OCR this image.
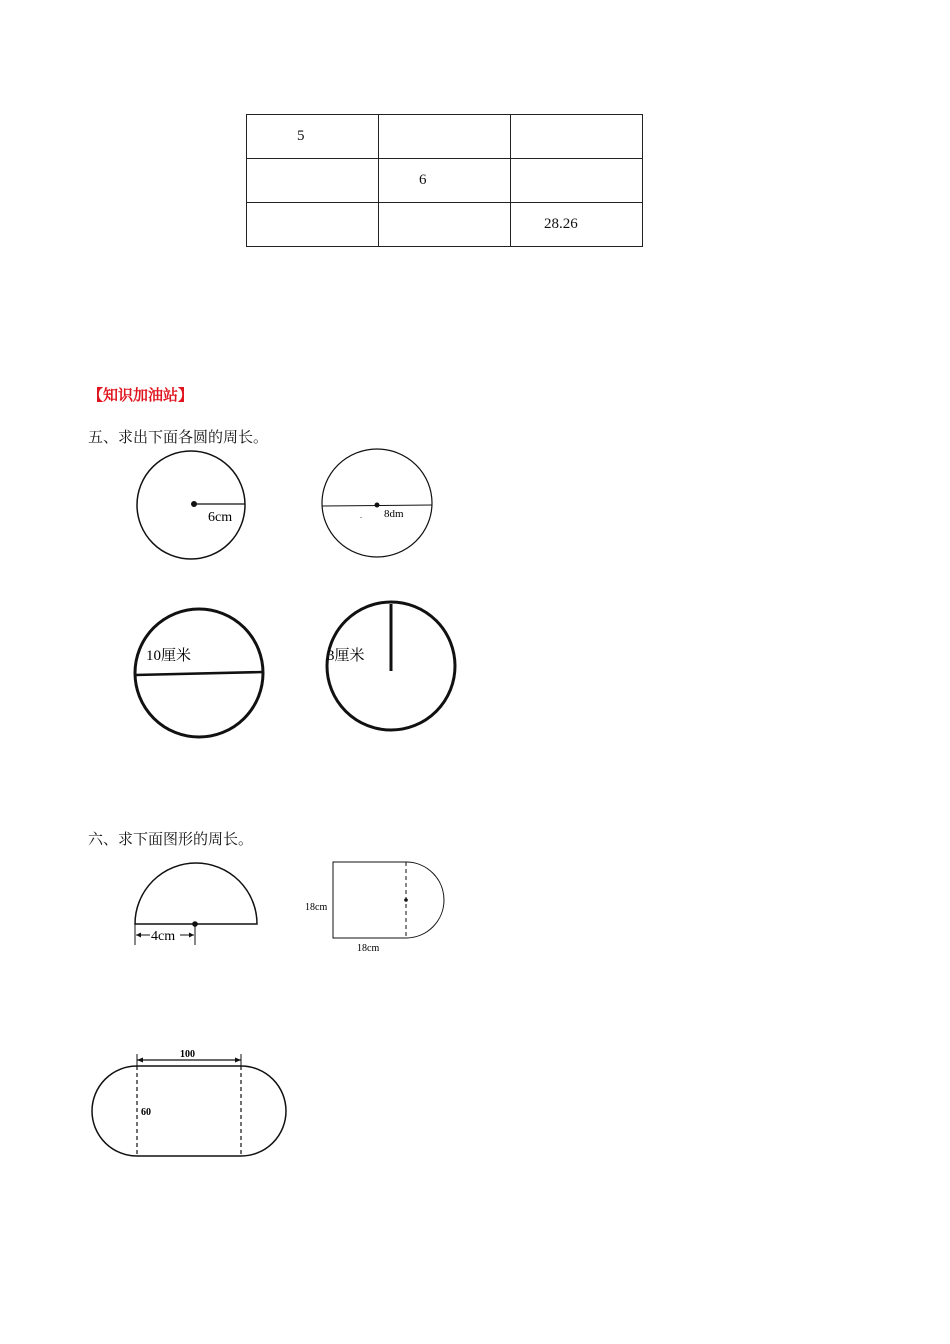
5		
	6	
		28.26
【知识加油站】
五、求出下面各圆的周长。
六、求下面图形的周长。
6cm	8dm
.
10厘米	3厘米
4cm
18cm
18cm
100
60
